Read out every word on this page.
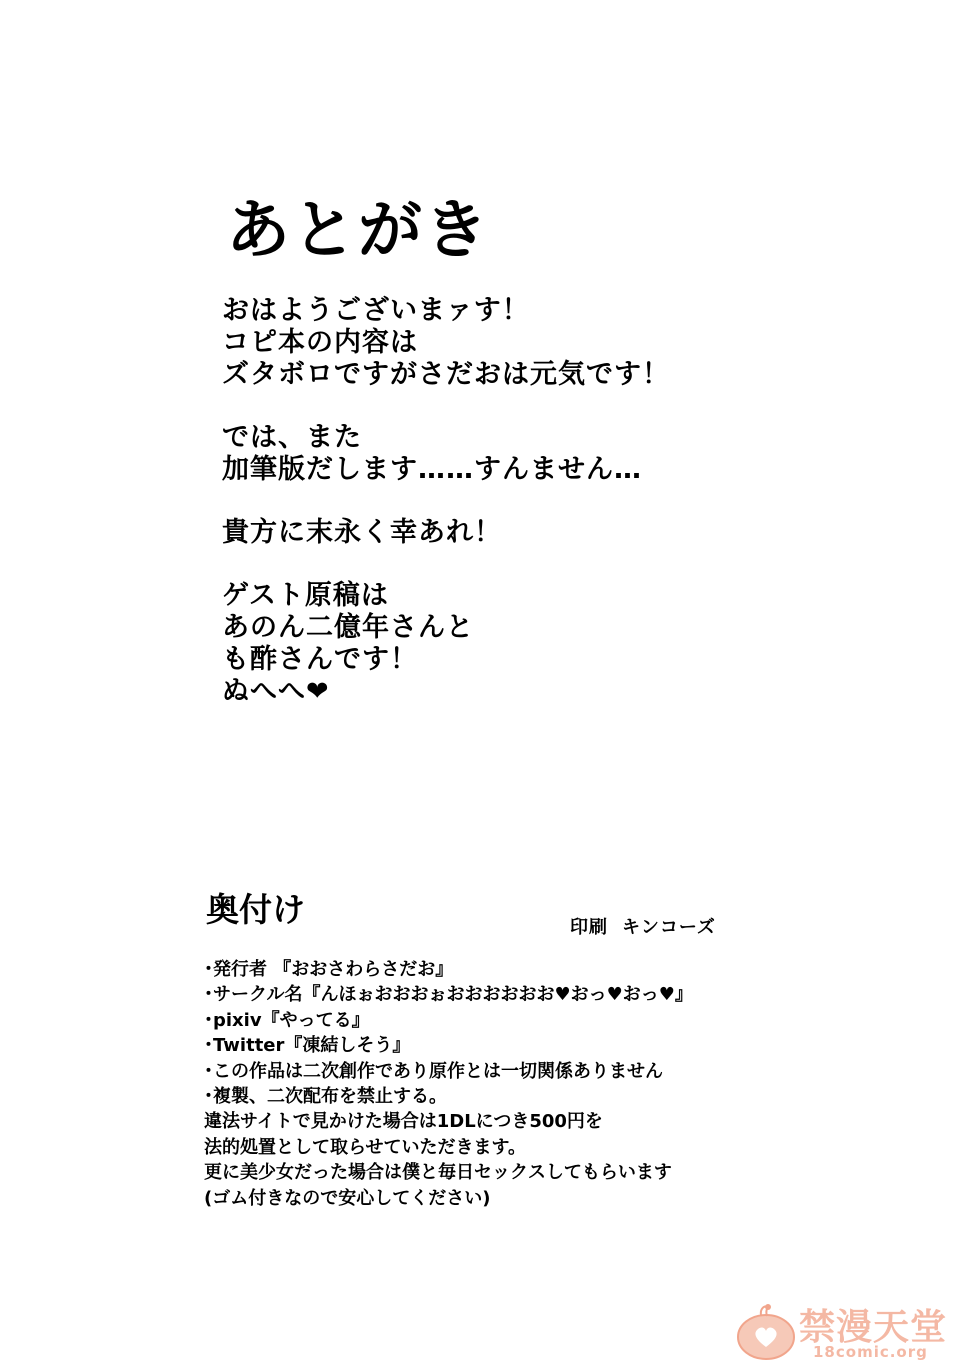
あとがき
おはようございまァす！
コピ本の内容は
ズタボロですがさだおは元気です！
では、また
加筆版だします……すんません…
貴方に末永く幸あれ！
ゲスト原稿は
あのん二億年さんと
も酢さんです！
ぬへへ❤
奥付け	印刷 キンコーズ
･発行者 『おおさわらさだお』
･サークル名『んほぉおおおぉおおおおおお♥おっ♥おっ♥』
･pixiv『やってる』
･Twitter『凍結しそう』
･この作品は二次創作であり原作とは一切関係ありません
･複製、二次配布を禁止する。
違法サイトで見かけた場合は1DLにつき500円を
法的処置として取らせていただきます。
更に美少女だった場合は僕と毎日セックスしてもらいます
(ゴム付きなので安心してください)
禁漫天堂
18comic.org
